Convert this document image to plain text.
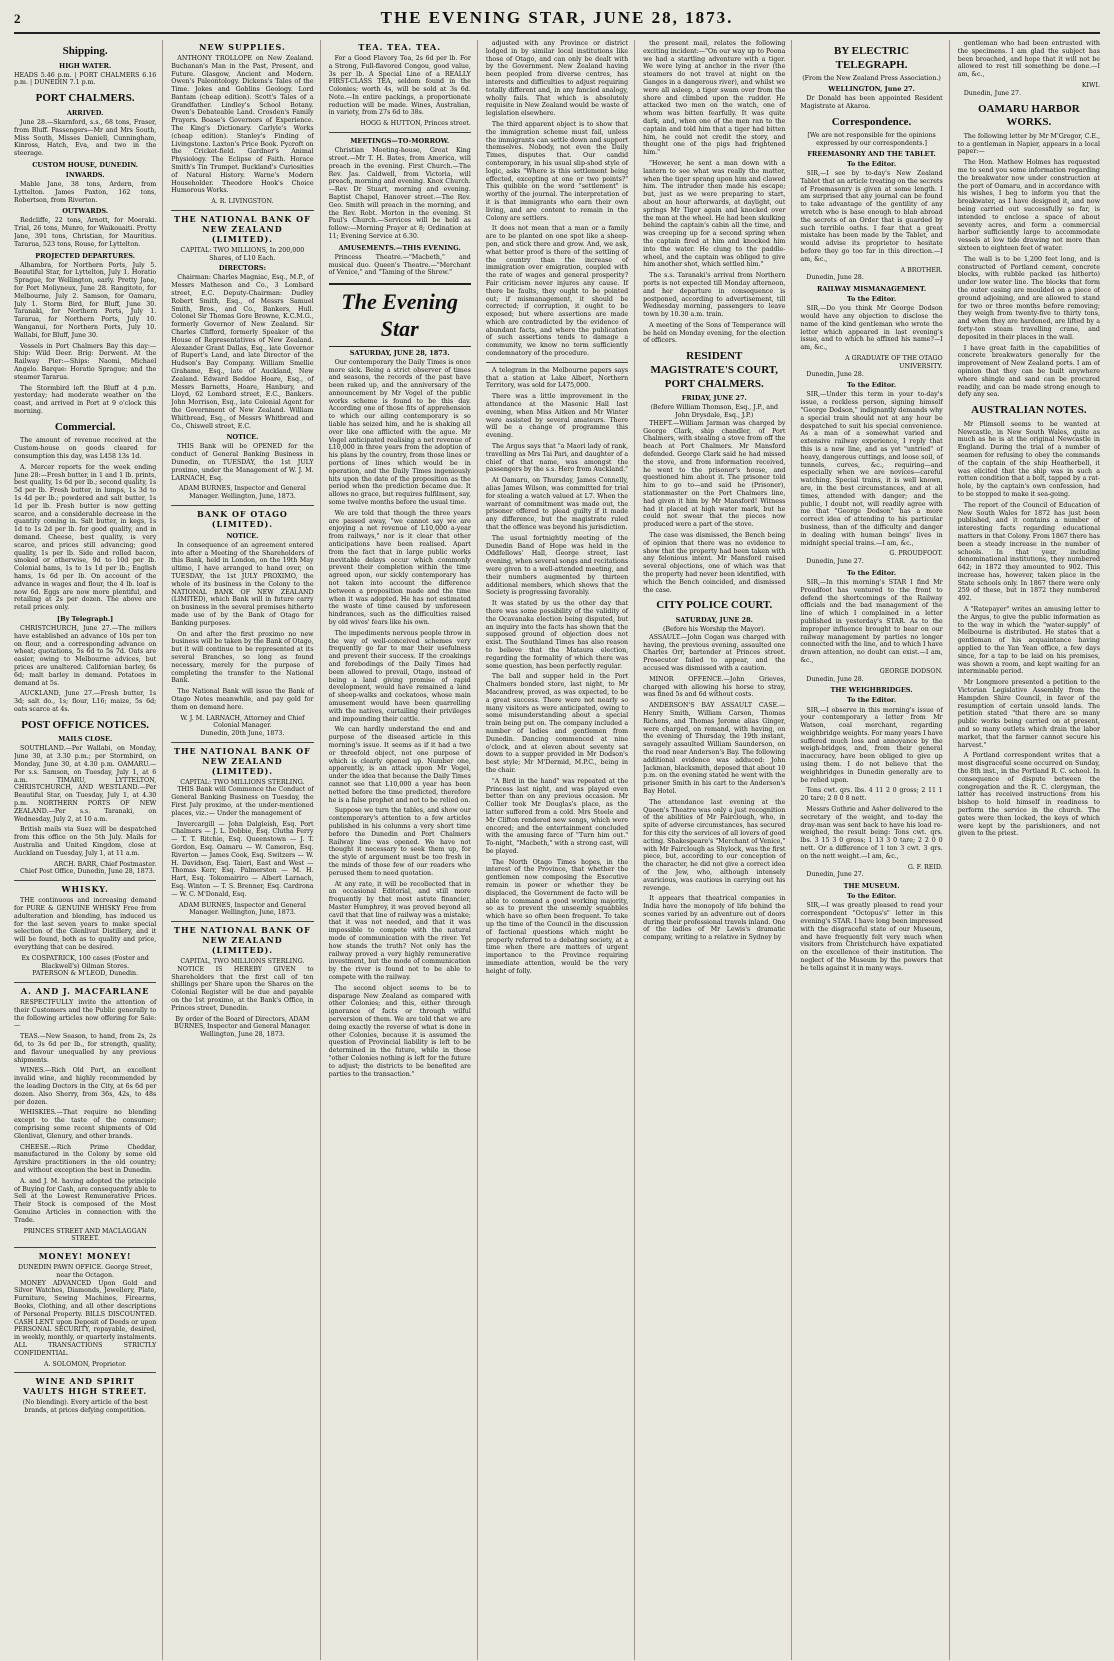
2	THE EVENING STAR, JUNE 28, 1873.
Shipping.
HIGH WATER.
HEADS 5.46 p.m. | PORT CHALMERS 6.16 p.m. | DUNEDIN 7.1 p.m.
PORT CHALMERS.
ARRIVED.

June 28.—Skarnford, s.s., 68 tons, Fraser, from Bluff. Passengers—Mr and Mrs South, Miss South, Misses Daniell, Cunningham, Kinross, Hatch, Eva, and two in the steerage.

CUSTOM HOUSE, DUNEDIN.
INWARDS.

Mable Jane, 38 tons, Ardern, from Lyttelton. James Paxton, 162 tons, Robertson, from Riverton.

OUTWARDS.

Redcliffe, 22 tons, Arnott, for Moeraki. Trial, 26 tons, Munro, for Waikouaiti. Pretty Jane, 391 tons, Christian, for Mauritius. Tararua, 523 tons, Rouse, for Lyttelton.

PROJECTED DEPARTURES.

Alhambra, for Northern Ports, July 5. Beautiful Star, for Lyttelton, July 1. Horatio Sprague, for Wellington, early. Pretty Jane, for Port Moliyneux, June 28. Rangitoto, for Melbourne, July 2. Samson, for Oamaru, July 1. Storm Bird, for Bluff, June 30. Taranaki, for Northern Ports, July 1. Tararua, for Northern Ports, July 10. Wanganui, for Northern Ports, July 10. Wallabi, for Bluff, June 30.

Vessels in Port Chalmers Bay this day:—Ship: Wild Deer. Brig: Derwent. At the Railway Pier:—Ships: Naomi, Michael Angelo. Barque: Horatio Sprague; and the steamer Tararua.

The Stormbird left the Bluff at 4 p.m. yesterday; had moderate weather on the coast, and arrived in Port at 9 o'clock this morning.

Commercial.

The amount of revenue received at the Custom-house on goods cleared for consumption this day, was L458 13s 1d.

A. Mercer reports for the week ending June 28:—Fresh butter, in 1 and 1 lb. prints, best quality, 1s 6d per lb.; second quality, 1s 5d per lb. Fresh butter, in lumps, 1s 3d to 1s 4d per lb.; powdered and salt butter, 1s 1d per lb. Fresh butter is now getting scarce, and a considerable decrease in the quantity coming in. Salt butter, in kegs, 1s 1d to 1s 2d per lb. for good quality, and in demand. Cheese, best quality, is very scarce, and prices still advancing; good quality, 1s per lb. Side and rolled bacon, smoked or otherwise, 9d to 10d per lb. Colonial hams, 1s to 1s 1d per lb.; English hams, 1s 6d per lb. On account of the advance in wages and flour, the 4 lb. loaf is now 6d. Eggs are now more plentiful, and retailing at 2s per dozen. The above are retail prices only.

[By Telegraph.]

CHRISTCHURCH, June 27.—The millers have established an advance of 10s per ton on flour, and a corresponding advance on wheat; quotations, 5s 6d to 5s 7d. Oats are easier, owing to Melbourne advices, but prices are unaltered. Californian barley, 6s 6d; malt barley in demand. Potatoes in demand at 5s.

AUCKLAND, June 27.—Fresh butter, 1s 3d; salt do., 1s; flour, L16; maize, 5s 6d; oats scarce at 4s.

POST OFFICE NOTICES.
MAILS CLOSE.

SOUTHLAND.—Per Wallabi, on Monday, June 30, at 3.30 p.m.; per Stormbird, on Monday, June 30, at 4.30 p.m. OAMARU.—Per s.s. Samson, on Tuesday, July 1, at 6 a.m. TIMARU, LYTTELTON, CHRISTCHURCH, AND WESTLAND.—Per Beautiful Star, on Tuesday, July 1, at 4.30 p.m. NORTHERN PORTS OF NEW ZEALAND.—Per s.s. Taranaki, on Wednesday, July 2, at 10 a.m.

British mails via Suez will be despatched from this office on the 5th July. Mails for Australia and United Kingdom, close at Auckland on Tuesday, July 1, at 11 a.m.

ARCH. BARR, Chief Postmaster.

Chief Post Office, Dunedin, June 28, 1873.

WHISKY.

THE continuous and increasing demand for PURE & GENUINE WHISKY Free from adulteration and blending, has induced us for the last seven years to make special selection of the Glenlivat Distillery, and it will be found, both as to quality and price, everything that can be desired.

Ex COSPATRICK, 100 cases (Foster and Blackwell's) Oilman Stores.
PATERSON & M'LEOD, Dunedin.
A. AND J. MACFARLANE

RESPECTFULLY invite the attention of their Customers and the Public generally to the following articles now offering for Sale:—

TEAS.—New Season, to hand, from 2s, 2s 6d, to 3s 6d per lb., for strength, quality, and flavour unequalled by any previous shipments.

WINES.—Rich Old Port, an excellent invalid wine, and highly recommended by the leading Doctors in the City, at 6s 6d per dozen. Also Sherry, from 36s, 42s, to 48s per dozen.

WHISKIES.—That require no blending except to the taste of the consumer; comprising some recent shipments of Old Glenlivat, Glenury, and other brands.

CHEESE.—Rich Prime Cheddar, manufactured in the Colony by some old Ayrshire practitioners in the old country; and without exception the best in Dunedin.

A. and J. M. having adopted the principle of Buying for Cash, are consequently able to Sell at the Lowest Remunerative Prices. Their Stock is composed of the Most Genuine Articles in connection with the Trade.

PRINCES STREET AND MACLAGGAN STREET.
MONEY! MONEY!
DUNEDIN PAWN OFFICE. George Street, near the Octagon.

MONEY ADVANCED Upon Gold and Silver Watches, Diamonds, Jewellery, Plate, Furniture, Sewing Machines, Firearms, Books, Clothing, and all other descriptions of Personal Property. BILLS DISCOUNTED. CASH LENT upon Deposit of Deeds or upon PERSONAL SECURITY, repayable, desired, in weekly, monthly, or quarterly instalments. ALL TRANSACTIONS STRICTLY CONFIDENTIAL.

A. SOLOMON, Proprietor.
WINE AND SPIRIT VAULTS HIGH STREET.
(No blending). Every article of the best brands, at prices defying competition.
NEW SUPPLIES.

ANTHONY TROLLOPE on New Zealand. Buchanan's Man in the Past, Present, and Future. Glasgow, Ancient and Modern. Owen's Paleontology. Dickens's Tales of the Time. Jokes and Goblins Geology. Lord Bantam (cheap edition). Scott's Tales of a Grandfather. Lindley's School Botany. Owen's Debateable Land. Crosden's Family Prayers. Boase's Governors of Experience. The King's Dictionary. Carlyle's Works (cheap edition). Stanley's Finding of Livingstone. Laxton's Price Book. Pycroft on the Cricket-field. Gardner's Animal Physiology. The Eclipse of Faith. Horace Smith's Tin Trumpet. Buckland's Curiosities of Natural History. Warne's Modern Householder. Theodore Hook's Choice Humorous Works.

A. R. LIVINGSTON.
THE NATIONAL BANK OF NEW ZEALAND (LIMITED).
CAPITAL: TWO MILLIONS, In 200,000 Shares, of L10 Each.
DIRECTORS:

Chairman: Charles Magniac, Esq., M.P., of Messrs Matheson and Co., 3 Lombard street, E.C. Deputy-Chairman: Dudley Robert Smith, Esq., of Messrs Samuel Smith, Bros., and Co., Bankers, Hull. Colonel Sir Thomas Gore Browne, K.C.M.G., formerly Governor of New Zealand. Sir Charles Clifford, formerly Speaker of the House of Representatives of New Zealand. Alexander Grant Dallas, Esq., late Governor of Rupert's Land, and late Director of the Hudson's Bay Company. William Smellie Grahame, Esq., late of Auckland, New Zealand. Edward Beddoe Hoare, Esq., of Messrs Barnetts, Hoare, Hanbury, and Lloyd, 62 Lombard street, E.C., Bankers. John Morrison, Esq., late Colonial Agent for the Government of New Zealand. William Whitbread, Esq., of Messrs Whitbread and Co., Chiswell street, E.C.

NOTICE.

THIS Bank will be OPENED for the conduct of General Banking Business in Dunedin, on TUESDAY, the 1st JULY proximo, under the Management of W. J. M. LARNACH, Esq.

ADAM BURNES, Inspector and General Manager. Wellington, June, 1873.
BANK OF OTAGO (LIMITED).
NOTICE.

In consequence of an agreement entered into after a Meeting of the Shareholders of this Bank, held in London, on the 19th May ultimo, I have arranged to hand over, on TUESDAY, the 1st JULY PROXIMO, the whole of its business in the Colony to the NATIONAL BANK OF NEW ZEALAND (LIMITED), which Bank will in future carry on business in the several premises hitherto made use of by the Bank of Otago for Banking purposes.

On and after the first proximo no new business will be taken by the Bank of Otago, but it will continue to be represented at its several Branches, so long as found necessary, merely for the purpose of completing the transfer to the National Bank.

The National Bank will issue the Bank of Otago Notes meanwhile, and pay gold for them on demand here.

W. J. M. LARNACH, Attorney and Chief Colonial Manager.
Dunedin, 20th June, 1873.
THE NATIONAL BANK OF NEW ZEALAND (LIMITED).
CAPITAL: TWO MILLIONS STERLING.

THIS Bank will Commence the Conduct of General Banking Business on Tuesday, the First July proximo, at the under-mentioned places, viz.:— Under the management of

Invercargill — John Dalgleish, Esq. Port Chalmers — J. L. Dobbie, Esq. Clutha Ferry — T. T. Ritchie, Esq. Queenstown — J. T. Gordon, Esq. Oamaru — W. Cameron, Esq. Riverton — James Cook, Esq. Switzers — W. H. Davidson, Esq. Taieri, East and West — Thomas Kerr, Esq. Palmerston — M. H. Hart, Esq. Tokomairiro — Albert Larnach, Esq. Winton — T. S. Brenner, Esq. Cardrona — W. C. M'Donald, Esq.

ADAM BURNES, Inspector and General Manager. Wellington, June, 1873.
THE NATIONAL BANK OF NEW ZEALAND (LIMITED).
CAPITAL, TWO MILLIONS STERLING.

NOTICE IS HEREBY GIVEN to Shareholders that the first call of ten shillings per Share upon the Shares on the Colonial Register will be due and payable on the 1st proximo, at the Bank's Office, in Princes street, Dunedin.

By order of the Board of Directors, ADAM BURNES, Inspector and General Manager. Wellington, June 28, 1873.
TEA. TEA. TEA.

For a Good Flavory Tea, 2s 6d per lb. For a Strong, Full-flavored Congou, good value, 3s per lb. A Special Line of a REALLY FIRST-CLASS TEA, seldom found in the Colonies; worth 4s, will be sold at 3s 6d. Note.—In entire packings, a proportionate reduction will be made. Wines, Australian, in variety, from 27s 6d to 38s.

HOGG & HUTTON, Princes street.
MEETINGS—TO-MORROW.

Christian Meeting-house, Great King street.—Mr T. H. Bates, from America, will preach in the evening. First Church.—The Rev. Jas. Caldwell, from Victoria, will preach, morning and evening. Knox Church.—Rev. Dr Stuart, morning and evening. Baptist Chapel, Hanover street.—The Rev. Geo. Smith will preach in the morning, and the Rev. Robt. Morton in the evening. St Paul's Church.—Services will be held as follow:—Morning Prayer at 8; Ordination at 11; Evening Service at 6.30.

AMUSEMENTS.—THIS EVENING.

Princess Theatre.—"Macbeth," and musical duo. Queen's Theatre.—"Merchant of Venice," and "Taming of the Shrew."

The Evening Star
SATURDAY, JUNE 28, 1873.

Our contemporary the Daily Times is once more sick. Being a strict observer of times and seasons, the records of the past have been raked up, and the anniversary of the announcement by Mr Vogel of the public works scheme is found to be this day. According one of those fits of apprehension to which our ailing contemporary is so liable has seized him, and he is shaking all over like one afflicted with the ague. Mr Vogel anticipated realising a net revenue of L10,000 in three years from the adoption of his plans by the country, from those lines or portions of lines which would be in operation, and the Daily Times ingeniously hits upon the date of the proposition as the period when the prediction became due. It allows no grace, but requires fulfilment, say, some twelve months before the usual time.

We are told that though the three years are passed away, "we cannot say we are enjoying a net revenue of L10,000 a-year from railways," nor is it clear that other anticipations have been realised. Apart from the fact that in large public works inevitable delays occur which commonly prevent their completion within the time agreed upon, our sickly contemporary has not taken into account the difference between a proposition made and the time when it was adopted. He has not estimated the waste of time caused by unforeseen hindrances, such as the difficulties raised by old wives' fears like his own.

The impediments nervous people throw in the way of well-conceived schemes very frequently go far to mar their usefulness and prevent their success. If the croakings and forebodings of the Daily Times had been allowed to prevail, Otago, instead of being a land giving promise of rapid development, would have remained a land of sheep-walks and cockatoos, whose main amusement would have been quarrelling with the natives, curtailing their privileges and impounding their cattle.

We can hardly understand the end and purpose of the diseased article in this morning's issue. It seems as if it had a two or threefold object, not one purpose of which is clearly opened up. Number one, apparently, is an attack upon Mr Vogel, under the idea that because the Daily Times cannot see that L10,000 a year has been netted before the time predicted, therefore he is a false prophet and not to be relied on.

Suppose we turn the tables, and show our contemporary's attention to a few articles published in his columns a very short time before the Dunedin and Port Chalmers Railway line was opened. We have not thought it necessary to seek them up, for the style of argument must be too fresh in the minds of those few of our readers who perused them to need quotation.

At any rate, it will be recollected that in an occasional Editorial, and still more frequently by that most astute financier, Master Humphrey, it was proved beyond all cavil that that line of railway was a mistake; that it was not needed, and that it was impossible to compete with the natural mode of communication with the river. Yet how stands the truth? Not only has the railway proved a very highly remunerative investment, but the mode of communication by the river is found not to be able to compete with the railway.

The second object seems to be to disparage New Zealand as compared with other Colonies; and this, either through ignorance of facts or through wilful perversion of them. We are told that we are doing exactly the reverse of what is done in other Colonies, because it is assumed the question of Provincial liability is left to be determined in the future, while in those "other Colonies nothing is left for the future to adjust; the districts to be benefited are parties to the transaction."

adjusted with any Province or district lodged in by similar local institutions like those of Otago, and can only be dealt with by the Government. New Zealand having been peopled from diverse centres, has interests and difficulties to adjust requiring totally different and, in any fancied analogy, wholly fails. That which is absolutely requisite in New Zealand would be waste of legislation elsewhere.

The third apparent object is to show that the immigration scheme must fail, unless the immigrants can settle down and support themselves. Nobody, not even the Daily Times, disputes that. Our candid contemporary, in his usual slip-shod style of logic, asks "Where is this settlement being effected, excepting at one or two points?" This quibble on the word "settlement" is worthy of the journal. The interpretation of it is that immigrants who earn their own living, and are content to remain in the Colony are settlers.

It does not mean that a man or a family are to be planted on one spot like a sheep-pen, and stick there and grow. And, we ask, what better proof is there of the settling of the country than the increase of immigration over emigration, coupled with the rate of wages and general prosperity? Fair criticism never injures any cause. If there be faults, they ought to be pointed out; if mismanagement, it should be corrected; if corruption, it ought to be exposed; but where assertions are made which are contradicted by the evidence of abundant facts, and where the publication of such assertions tends to damage a community, we know no term sufficiently condemnatory of the procedure.

A telegram in the Melbourne papers says that a station at Lake Albert, Northern Territory, was sold for L475,000.

There was a little improvement in the attendance at the Masonic Hall last evening, when Miss Aitken and Mr Winter were assisted by several amateurs. There will be a change of programme this evening.

The Argus says that "a Maori lady of rank, travelling as Mrs Tai Pari, and daughter of a chief of that name, was amongst the passengers by the s.s. Hero from Auckland."

At Oamaru, on Thursday, James Connelly, alias James Wilson, was committed for trial for stealing a watch valued at L7. When the warrant of commitment was made out, the prisoner offered to plead guilty if it made any difference, but the magistrate ruled that the offence was beyond his jurisdiction.

The usual fortnightly meeting of the Dunedin Band of Hope was held in the Oddfellows' Hall, George street, last evening, when several songs and recitations were given to a well-attended meeting, and their numbers augmented by thirteen additional members, which shows that the Society is progressing favorably.

It was stated by us the other day that there was some possibility of the validity of the Ocavanaka election being disputed, but an inquiry into the facts has shown that the supposed ground of objection does not exist. The Southland Times has also reason to believe that the Mataura election, regarding the formality of which there was some question, has been perfectly regular.

The ball and supper held in the Port Chalmers bonded store, last night, to Mr Macandrew, proved, as was expected, to be a great success. There were not nearly so many visitors as were anticipated, owing to some misunderstanding about a special train being put on. The company included a number of ladies and gentlemen from Dunedin. Dancing commenced at nine o'clock, and at eleven about seventy sat down to a supper provided in Mr Dodson's best style; Mr M'Dermid, M.P.C., being in the chair.

"A Bird in the hand" was repeated at the Princess last night, and was played even better than on any previous occasion. Mr Collier took Mr Douglas's place, as the latter suffered from a cold. Mrs Steele and Mr Clifton rendered new songs, which were encored; and the entertainment concluded with the amusing farce of "Turn him out." To-night, "Macbeth," with a strong cast, will be played.

The North Otago Times hopes, in the interest of the Province, that whether the gentlemen now composing the Executive remain in power or whether they be displaced, the Government de facto will be able to command a good working majority, so as to prevent the unseemly squabbles which have so often been frequent. To take up the time of the Council in the discussion of factional questions which might be properly referred to a debating society, at a time when there are matters of urgent importance to the Province requiring immediate attention, would be the very height of folly.

the present mail, relates the following exciting incident:—"On our way up to Poona we had a startling adventure with a tiger. We were lying at anchor in the river (the steamers do not travel at night on the Ganges in a dangerous river), and whilst we were all asleep, a tiger swam over from the shore and climbed upon the rudder. He attacked two men on the watch, one of whom was bitten fearfully. It was quite dark, and, when one of the men ran to the captain and told him that a tiger had bitten him, he could not credit the story, and thought one of the pigs had frightened him."

"However, he sent a man down with a lantern to see what was really the matter, when the tiger sprang upon him and clawed him. The intruder then made his escape; but, just as we were preparing to start, about an hour afterwards, at daylight, out springs Mr Tiger again and knocked over the man at the wheel. He had been skulking behind the captain's cabin all the time, and was creeping up for a second spring when the captain fired at him and knocked him into the water. He clung to the paddle-wheel, and the captain was obliged to give him another shot, which settled him."

The s.s. Taranaki's arrival from Northern ports is not expected till Monday afternoon, and her departure in consequence is postponed, according to advertisement, till Wednesday morning, passengers to leave town by 10.30 a.m. train.

A meeting of the Sons of Temperance will be held on Monday evening, for the election of officers.

RESIDENT MAGISTRATE'S COURT, PORT CHALMERS.
FRIDAY, JUNE 27.
(Before William Thomson, Esq., J.P., and John Drysdale, Esq., J.P.)

THEFT.—William Jarman was charged by George Clark, ship chandler, of Port Chalmers, with stealing a stove from off the beach at Port Chalmers. Mr Mansford defended. George Clark said he had missed the stove, and from information received, he went to the prisoner's house, and questioned him about it. The prisoner told him to go to—and said he (Prisoner), stationmaster on the Port Chalmers line, had given it him by Mr Mansford! Witness had it placed at high water mark, but he could not swear that the pieces now produced were a part of the stove.

The case was dismissed, the Bench being of opinion that there was no evidence to show that the property had been taken with any felonious intent. Mr Mansford raised several objections, one of which was that the property had never been identified, with which the Bench coincided, and dismissed the case.

CITY POLICE COURT.
SATURDAY, JUNE 28.
(Before his Worship the Mayor).

ASSAULT.—John Cogan was charged with having, the previous evening, assaulted one Charles Orr, bartender at Princes street. Prosecutor failed to appear, and the accused was dismissed with a caution.

MINOR OFFENCE.—John Grieves, charged with allowing his horse to stray, was fined 5s and 6d without costs.

ANDERSON'S BAY ASSAULT CASE.—Henry Smith, William Carson, Thomas Richens, and Thomas Jerome alias Ginger, were charged, on remand, with having, on the evening of Thursday, the 19th instant, savagely assaulted William Saunderson, on the road near Anderson's Bay. The following additional evidence was adduced: John Jackman, blacksmith, deposed that about 10 p.m. on the evening stated he went with the prisoner Smith in his cart to the Anderson's Bay Hotel.

The attendance last evening at the Queen's Theatre was only a just recognition of the abilities of Mr Fairclough, who, in spite of adverse circumstances, has secured for this city the services of all lovers of good acting. Shakespeare's "Merchant of Venice," with Mr Fairclough as Shylock, was the first piece, but, according to our conception of the character, he did not give a correct idea of the Jew, who, although intensely avaricious, was cautious in carrying out his revenge.

It appears that theatrical companies in India have the monopoly of life behind the scenes varied by an adventure out of doors during their professional travels inland. One of the ladies of Mr Lewis's dramatic company, writing to a relative in Sydney by

BY ELECTRIC TELEGRAPH.
(From the New Zealand Press Association.)
WELLINGTON, June 27.

Dr Donald has been appointed Resident Magistrate at Akaroa.

Correspondence.
[We are not responsible for the opinions expressed by our correspondents.]
FREEMASONRY AND THE TABLET.
To the Editor.

SIR,—I see by to-day's New Zealand Tablet that an article treating on the secrets of Freemasonry is given at some length. I am surprised that any journal can be found to take advantage of the gentility of any wretch who is base enough to blab abroad the secrets of an Order that is guarded by such terrible oaths. I fear that a great mistake has been made by the Tablet, and would advise its proprietor to hesitate before they go too far in this direction.—I am, &c.,

A BROTHER.

Dunedin, June 28.

RAILWAY MISMANAGEMENT.
To the Editor.

SIR,—Do you think Mr George Dodson would have any objection to disclose the name of the kind gentleman who wrote the letter which appeared in last evening's issue, and to which he affixed his name?—I am, &c.,

A GRADUATE OF THE OTAGO UNIVERSITY.

Dunedin, June 28.

To the Editor.

SIR,—Under this term in your to-day's issue, a reckless person, signing himself "George Dodson," indignantly demands why a special train should not at any hour be despatched to suit his special convenience. As a man of a somewhat varied and extensive railway experience, I reply that this is a new line, and as yet "untried" of heavy, dangerous cuttings, and loose soil, of tunnels, curves, &c., requiring—and especially when we are novices—careful watching. Special trains, it is well known, are, in the best circumstances, and at all times, attended with danger; and the public, I doubt not, will readily agree with me that "George Dodson" has a more correct idea of attending to his particular business, than of the difficulty and danger in dealing with human beings' lives in midnight special trains.—I am, &c.,

G. PROUDFOOT.

Dunedin, June 27.

To the Editor.

SIR,—In this morning's STAR I find Mr Proudfoot has ventured to the front to defend the shortcomings of the Railway officials and the bad management of the line of which I complained in a letter published in yesterday's STAR. As to the improper influence brought to bear on our railway management by parties no longer connected with the line, and to which I have drawn attention, no doubt can exist.—I am, &c.,

GEORGE DODSON.

Dunedin, June 28.

THE WEIGHBRIDGES.
To the Editor.

SIR,—I observe in this morning's issue of your contemporary a letter from Mr Watson, coal merchant, regarding weighbridge weights. For many years I have suffered much loss and annoyance by the weigh-bridges, and, from their general inaccuracy, have been obliged to give up using them. I do not believe that the weighbridges in Dunedin generally are to be relied upon.

Tons cwt. qrs. lbs. 4 11 2 0 gross; 2 11 1 20 tare; 2 0 0 8 nett.

Messrs Guthrie and Asher delivered to the secretary of the weight, and to-day the dray-man was sent back to have his load re-weighed, the result being: Tons cwt. qrs. lbs. 3 15 3 0 gross; 1 13 3 0 tare; 2 2 0 0 nett. Or a difference of 1 ton 3 cwt. 3 qrs. on the nett weight.—I am, &c.,

G. F. REID.

Dunedin, June 27.

THE MUSEUM.
To the Editor.

SIR,—I was greatly pleased to read your correspondent "Octopus's" letter in this evening's STAR. I have long been impressed with the disgraceful state of our Museum, and have frequently felt very much when visitors from Christchurch have expatiated on the excellence of their institution. The neglect of the Museum by the powers that be tells against it in many ways.

gentleman who had been entrusted with the specimens. I am glad the subject has been broached, and hope that it will not be allowed to rest till something be done.—I am, &c.,

KIWI.

Dunedin, June 27.

OAMARU HARBOR WORKS.

The following letter by Mr M'Gregor, C.E., to a gentleman in Napier, appears in a local paper:—

The Hon. Mathew Holmes has requested me to send you some information regarding the breakwater now under construction at the port of Oamaru, and in accordance with his wishes, I beg to inform you that the breakwater, as I have designed it, and now being carried out successfully so far, is intended to enclose a space of about seventy acres, and form a commercial harbor sufficiently large to accommodate vessels at low tide drawing not more than sixteen to eighteen feet of water.

The wall is to be 1,200 feet long, and is constructed of Portland cement, concrete blocks, with rubble packed (as hitherto) under low water line. The blocks that form the outer casing are moulded on a piece of ground adjoining, and are allowed to stand for two or three months before removing; they weigh from twenty-five to thirty tons, and when they are hardened, are lifted by a forty-ton steam travelling crane, and deposited in their places in the wall.

I have great faith in the capabilities of concrete breakwaters generally for the improvement of New Zealand ports. I am of opinion that they can be built anywhere where shingle and sand can be procured readily, and can be made strong enough to defy any sea.

AUSTRALIAN NOTES.

Mr Plimsoll seems to be wanted at Newcastle, in New South Wales, quite as much as he is at the original Newcastle in England. During the trial of a number of seamen for refusing to obey the commands of the captain of the ship Heatherbell, it was elicited that the ship was in such a rotten condition that a bolt, tapped by a rat-hole, by the captain's own confession, had to be stopped to make it sea-going.

The report of the Council of Education of New South Wales for 1872 has just been published, and it contains a number of interesting facts regarding educational matters in that Colony. From 1867 there has been a steady increase in the number of schools. In that year, including denominational institutions, they numbered 642; in 1872 they amounted to 902. This increase has, however, taken place in the State schools only. In 1867 there were only 259 of these, but in 1872 they numbered 492.

A "Ratepayer" writes an amusing letter to the Argus, to give the public information as to the way in which the "water-supply" of Melbourne is distributed. He states that a gentleman of his acquaintance having applied to the Yan Yean office, a few days since, for a tap to be laid on his premises, was shown a room, and kept waiting for an interminable period.

Mr Longmore presented a petition to the Victorian Legislative Assembly from the Hampden Shire Council, in favor of the resumption of certain unsold lands. The petition stated "that there are so many public works being carried on at present, and so many outlets which drain the labor market, that the farmer cannot secure his harvest."

A Portland correspondent writes that a most disgraceful scene occurred on Sunday, the 8th inst., in the Portland R. C. school. In consequence of dispute between the congregation and the R. C. clergyman, the latter has received instructions from his bishop to hold himself in readiness to perform the service in the church. The gates were then locked, the keys of which were kept by the parishioners, and not given to the priest.
